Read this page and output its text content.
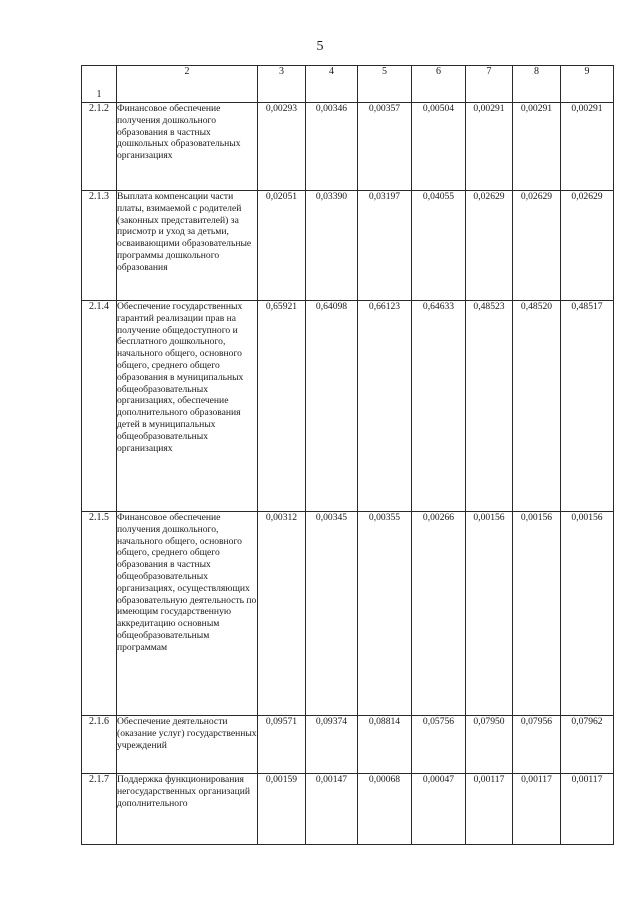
5
1	2	3	4	5	6	7	8	9
2.1.2	Финансовое обеспечение получения дошкольного образования в частных дошкольных образовательных организациях	0,00293	0,00346	0,00357	0,00504	0,00291	0,00291	0,00291
2.1.3	Выплата компенсации части платы, взимаемой с родителей (законных представителей) за присмотр и уход за детьми, осваивающими образовательные программы дошкольного образования	0,02051	0,03390	0,03197	0,04055	0,02629	0,02629	0,02629
2.1.4	Обеспечение государственных гарантий реализации прав на получение общедоступного и бесплатного дошкольного, начального общего, основного общего, среднего общего образования в муниципальных общеобразовательных организациях, обеспечение дополнительного образования детей в муниципальных общеобразовательных организациях	0,65921	0,64098	0,66123	0,64633	0,48523	0,48520	0,48517
2.1.5	Финансовое обеспечение получения дошкольного, начального общего, основного общего, среднего общего образования в частных общеобразовательных организациях, осуществляющих образовательную деятельность по имеющим государственную аккредитацию основным общеобразовательным программам	0,00312	0,00345	0,00355	0,00266	0,00156	0,00156	0,00156
2.1.6	Обеспечение деятельности (оказание услуг) государственных учреждений	0,09571	0,09374	0,08814	0,05756	0,07950	0,07956	0,07962
2.1.7	Поддержка функционирования негосударственных организаций дополнительного	0,00159	0,00147	0,00068	0,00047	0,00117	0,00117	0,00117
